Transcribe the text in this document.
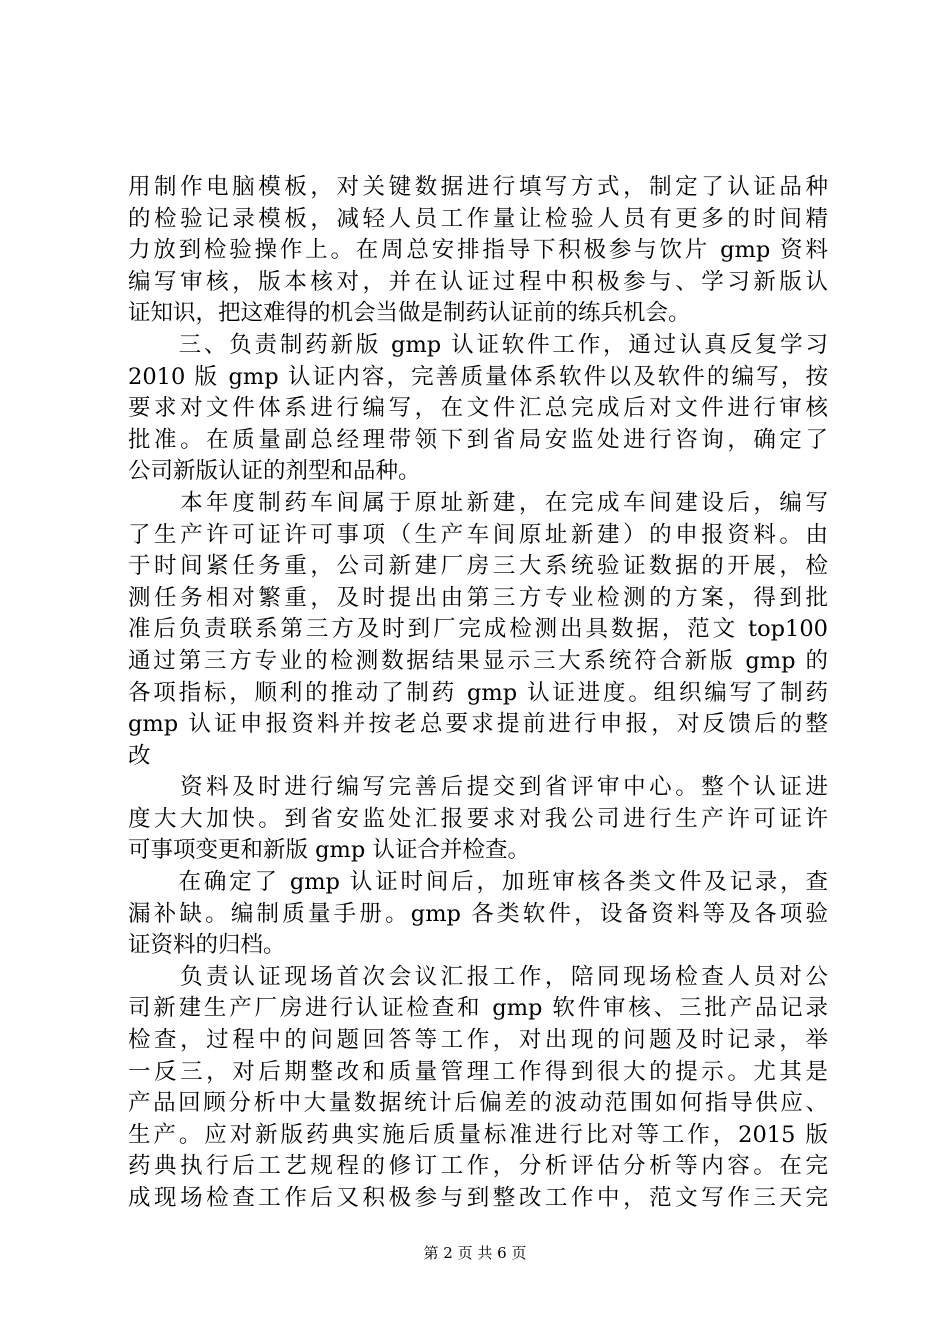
用制作电脑模板，对关键数据进行填写方式，制定了认证品种
的检验记录模板，减轻人员工作量让检验人员有更多的时间精
力放到检验操作上。在周总安排指导下积极参与饮片 gmp 资料
编写审核，版本核对，并在认证过程中积极参与、学习新版认
证知识，把这难得的机会当做是制药认证前的练兵机会。
　　三、负责制药新版 gmp 认证软件工作，通过认真反复学习
2010 版 gmp 认证内容，完善质量体系软件以及软件的编写，按
要求对文件体系进行编写，在文件汇总完成后对文件进行审核
批准。在质量副总经理带领下到省局安监处进行咨询，确定了
公司新版认证的剂型和品种。
　　本年度制药车间属于原址新建，在完成车间建设后，编写
了生产许可证许可事项（生产车间原址新建）的申报资料。由
于时间紧任务重，公司新建厂房三大系统验证数据的开展，检
测任务相对繁重，及时提出由第三方专业检测的方案，得到批
准后负责联系第三方及时到厂完成检测出具数据，范文 top100
通过第三方专业的检测数据结果显示三大系统符合新版 gmp 的
各项指标，顺利的推动了制药 gmp 认证进度。组织编写了制药
gmp 认证申报资料并按老总要求提前进行申报，对反馈后的整
改
　　资料及时进行编写完善后提交到省评审中心。整个认证进
度大大加快。到省安监处汇报要求对我公司进行生产许可证许
可事项变更和新版 gmp 认证合并检查。
　　在确定了 gmp 认证时间后，加班审核各类文件及记录，查
漏补缺。编制质量手册。gmp 各类软件，设备资料等及各项验
证资料的归档。
　　负责认证现场首次会议汇报工作，陪同现场检查人员对公
司新建生产厂房进行认证检查和 gmp 软件审核、三批产品记录
检查，过程中的问题回答等工作，对出现的问题及时记录，举
一反三，对后期整改和质量管理工作得到很大的提示。尤其是
产品回顾分析中大量数据统计后偏差的波动范围如何指导供应、
生产。应对新版药典实施后质量标准进行比对等工作，2015 版
药典执行后工艺规程的修订工作，分析评估分析等内容。在完
成现场检查工作后又积极参与到整改工作中，范文写作三天完
第 2 页 共 6 页
